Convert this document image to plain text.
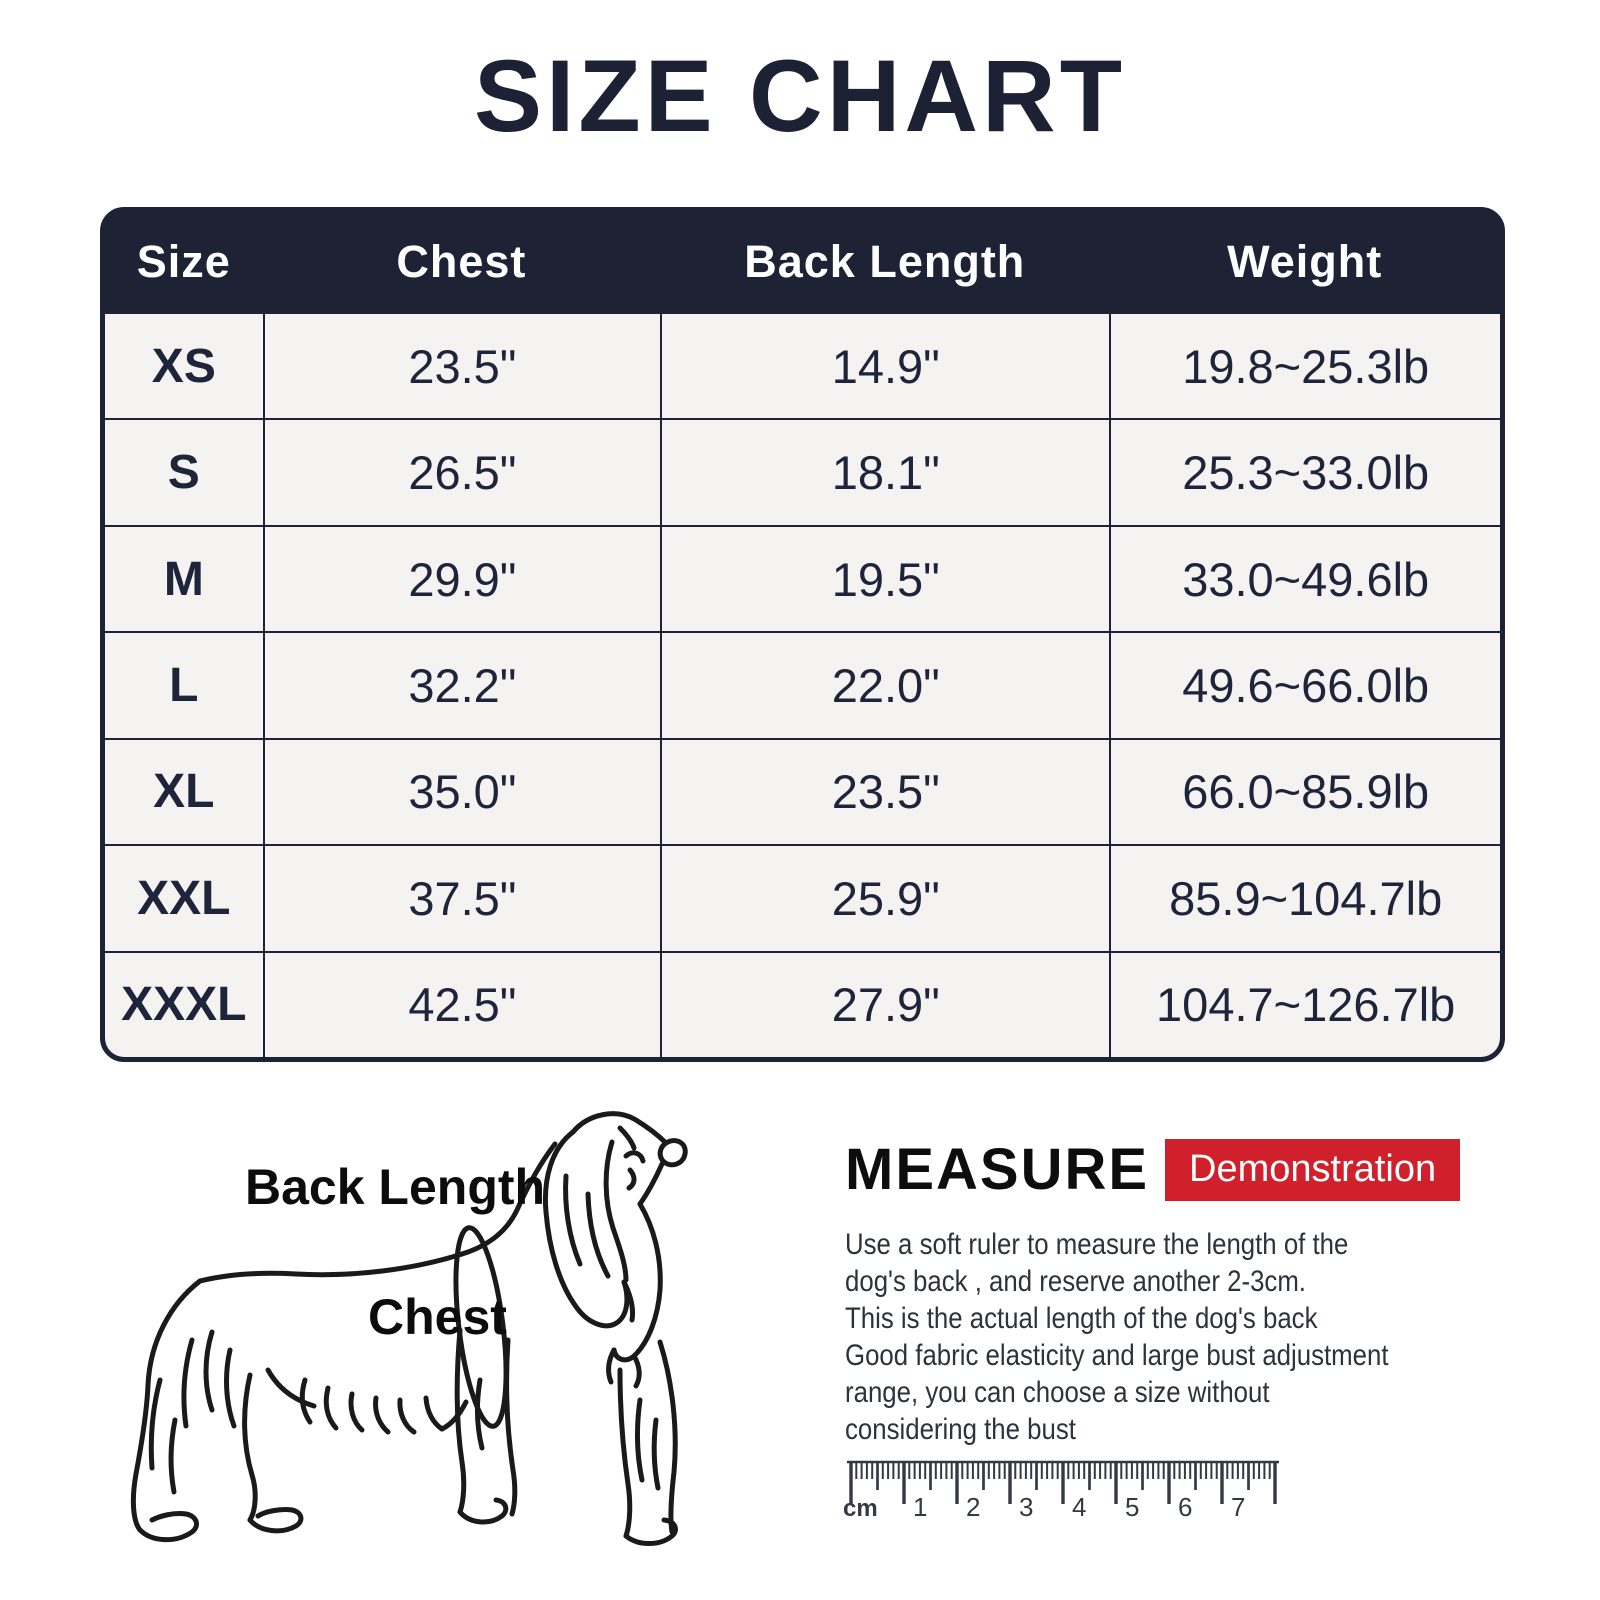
SIZE CHART
Size	Chest	Back Length	Weight
XS	23.5"	14.9"	19.8~25.3lb
S	26.5"	18.1"	25.3~33.0lb
M	29.9"	19.5"	33.0~49.6lb
L	32.2"	22.0"	49.6~66.0lb
XL	35.0"	23.5"	66.0~85.9lb
XXL	37.5"	25.9"	85.9~104.7lb
XXXL	42.5"	27.9"	104.7~126.7lb
Back Length
Chest
MEASURE	Demonstration
Use a soft ruler to measure the length of the
dog's back , and reserve another 2-3cm.
This is the actual length of the dog's back
Good fabric elasticity and large bust adjustment
range, you can choose a size without
considering the bust
cm 1 2 3 4 5 6 7
